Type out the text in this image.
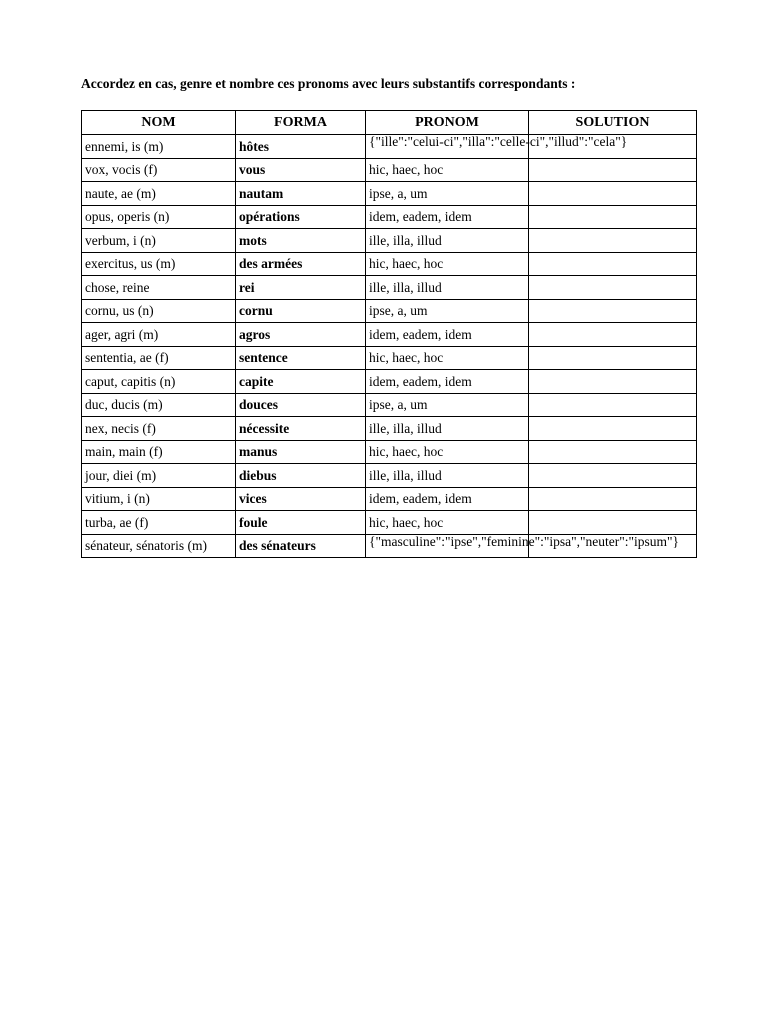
Accordez en cas, genre et nombre ces pronoms avec leurs substantifs correspondants :
NOM	FORMA	PRONOM	SOLUTION
ennemi, is (m)	hôtes	{"ille":"celui-ci","illa":"celle-ci","illud":"cela"}	
vox, vocis (f)	vous	hic, haec, hoc	
naute, ae (m)	nautam	ipse, a, um	
opus, operis (n)	opérations	idem, eadem, idem	
verbum, i (n)	mots	ille, illa, illud	
exercitus, us (m)	des armées	hic, haec, hoc	
chose, reine	rei	ille, illa, illud	
cornu, us (n)	cornu	ipse, a, um	
ager, agri (m)	agros	idem, eadem, idem	
sententia, ae (f)	sentence	hic, haec, hoc	
caput, capitis (n)	capite	idem, eadem, idem	
duc, ducis (m)	douces	ipse, a, um	
nex, necis (f)	nécessite	ille, illa, illud	
main, main (f)	manus	hic, haec, hoc	
jour, diei (m)	diebus	ille, illa, illud	
vitium, i (n)	vices	idem, eadem, idem	
turba, ae (f)	foule	hic, haec, hoc	
sénateur, sénatoris (m)	des sénateurs	{"masculine":"ipse","feminine":"ipsa","neuter":"ipsum"}	
